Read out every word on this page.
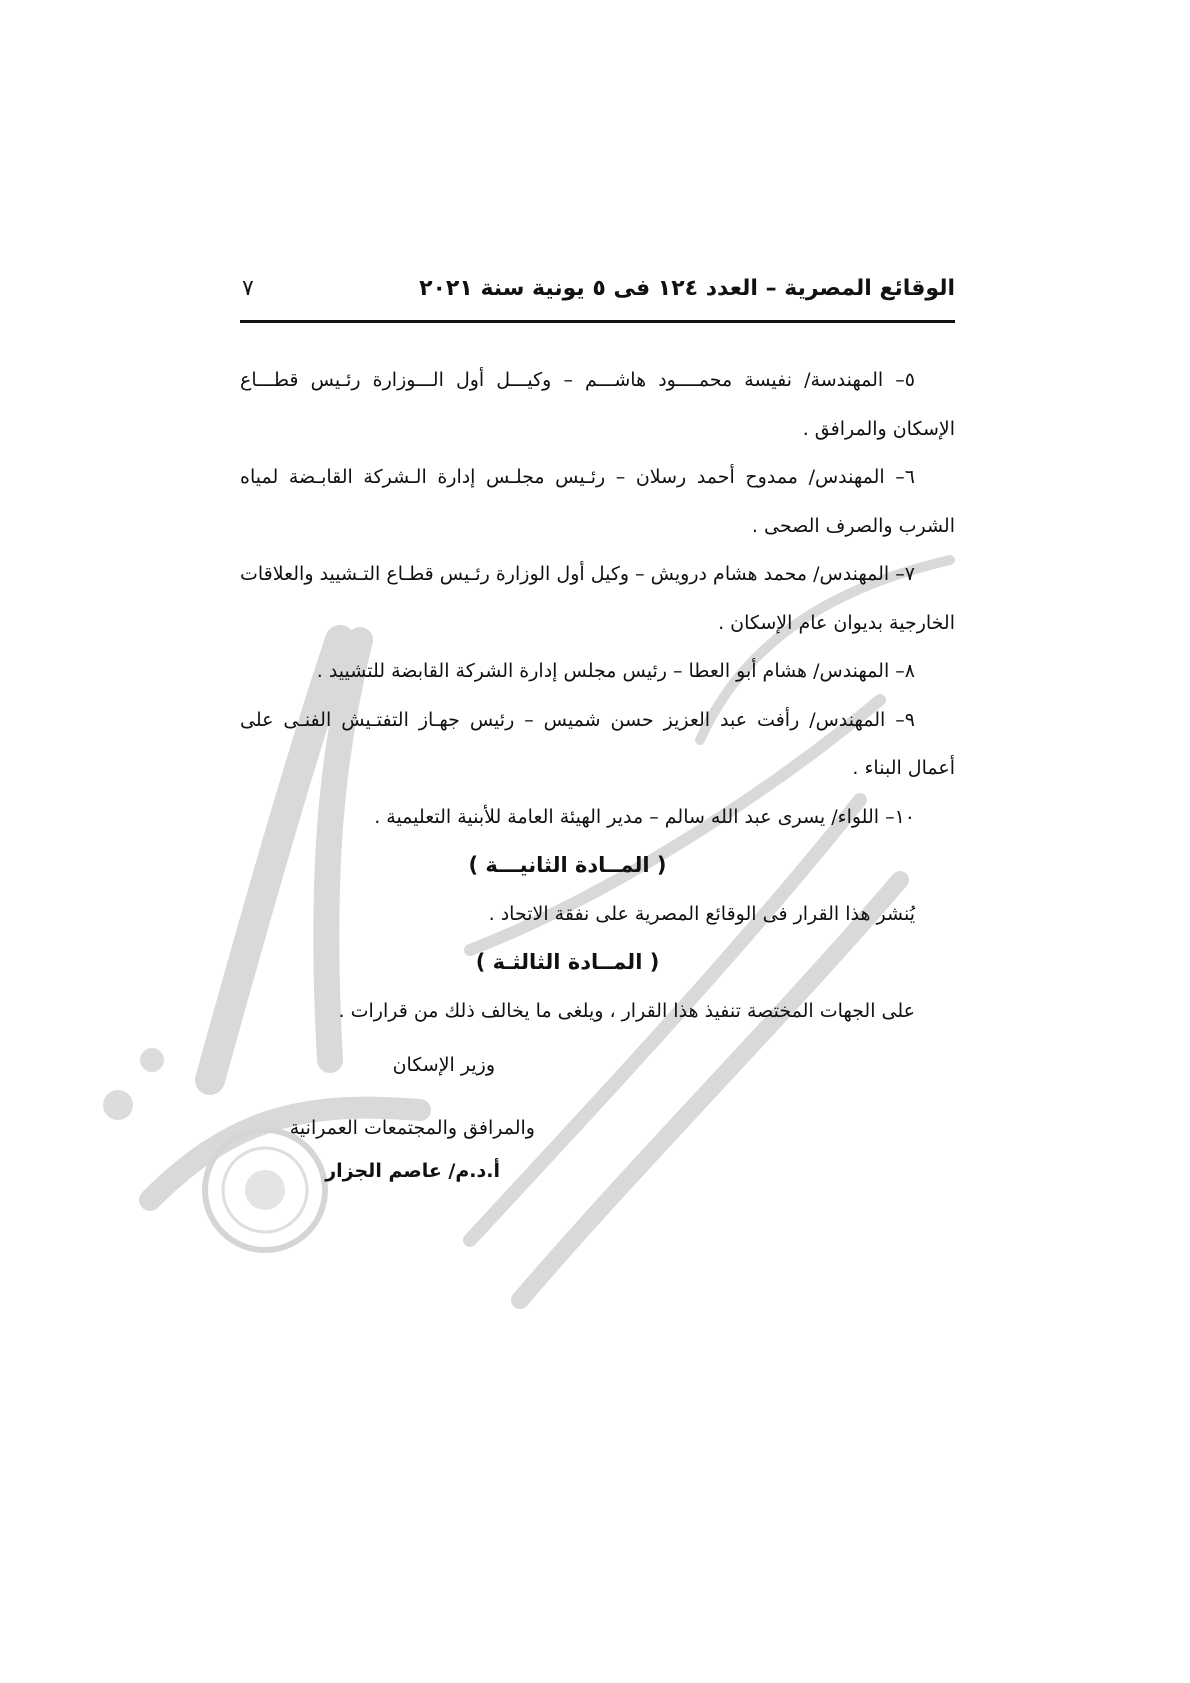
الوقائع المصرية – العدد ١٢٤ فى ٥ يونية سنة ٢٠٢١
٧

٥– المهندسة/ نفيسة محمــــود هاشـــم – وكيـــل أول الـــوزارة رئـيس قطـــاع الإسكان والمرافق .

٦– المهندس/ ممدوح أحمد رسلان – رئـيس مجلـس إدارة الـشركة القابـضة لمياه الشرب والصرف الصحى .

٧– المهندس/ محمد هشام درويش – وكيل أول الوزارة رئـيس قطـاع التـشييد والعلاقات الخارجية بديوان عام الإسكان .

٨– المهندس/ هشام أبو العطا – رئيس مجلس إدارة الشركة القابضة للتشييد .

٩– المهندس/ رأفت عبد العزيز حسن شميس – رئيس جهـاز التفتـيش الفنـى على أعمال البناء .

١٠– اللواء/ يسرى عبد الله سالم – مدير الهيئة العامة للأبنية التعليمية .

( المــادة الثانيـــة )

يُنشر هذا القرار فى الوقائع المصرية على نفقة الاتحاد .

( المــادة الثالثـة )

على الجهات المختصة تنفيذ هذا القرار ، ويلغى ما يخالف ذلك من قرارات .

وزير الإسكان

والمرافق والمجتمعات العمرانية

أ.د.م/ عاصم الجزار
